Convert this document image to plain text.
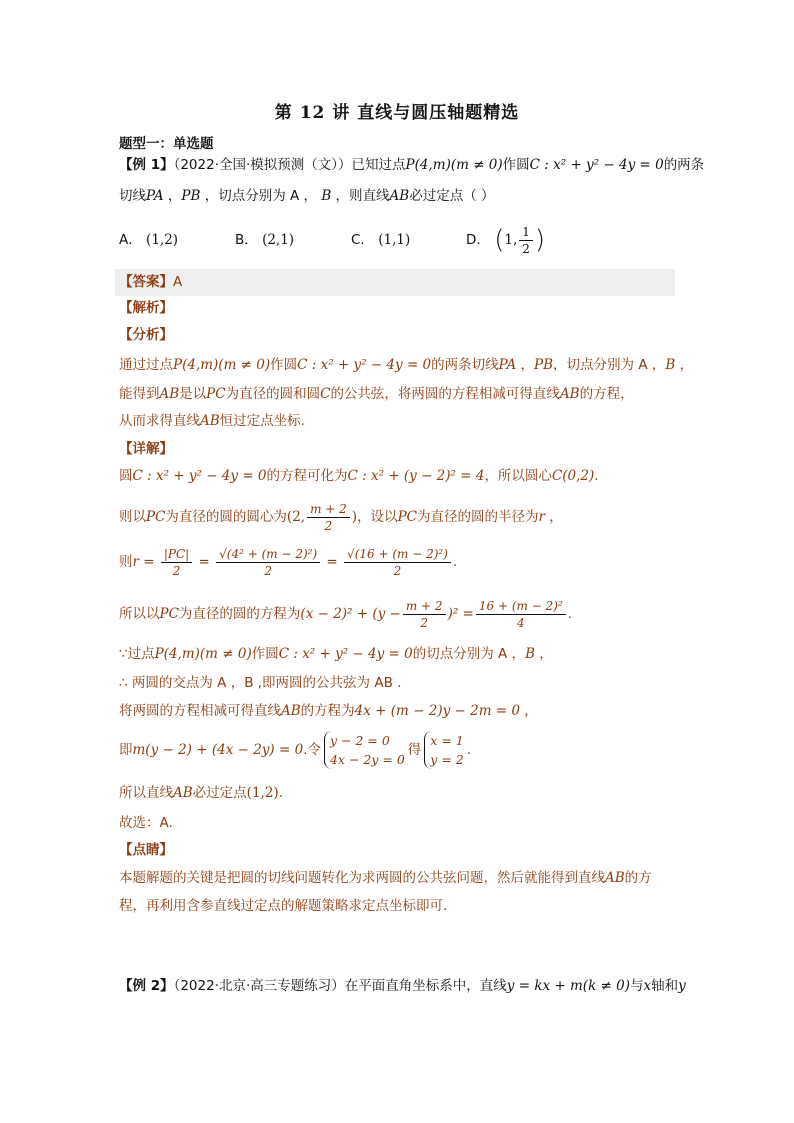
第 12 讲 直线与圆压轴题精选
题型一：单选题
【例 1】（2022·全国·模拟预测（文））已知过点P(4,m)(m ≠ 0)作圆C : x² + y² − 4y = 0的两条
切线PA ，PB ，切点分别为 A ， B ，则直线AB必过定点（ ）
A． (1,2)	B． (2,1)	C． (1,1)	D． (1, $\frac{1}{2}$ )
【答案】A
【解析】
【分析】
通过过点P(4,m)(m ≠ 0)作圆C : x² + y² − 4y = 0的两条切线PA ，PB，切点分别为 A ，B ，
能得到AB是以PC为直径的圆和圆C的公共弦，将两圆的方程相减可得直线AB的方程，
从而求得直线AB恒过定点坐标.
【详解】
圆C : x² + y² − 4y = 0的方程可化为C : x² + (y − 2)² = 4，所以圆心C(0,2).
则以PC为直径的圆的圆心为(2, $\frac{m + 2}{2}$ )，设以PC为直径的圆的半径为r ，
则$r = \frac{|PC|}{2} = \frac{\text{√(4² + (m − 2)²)}}{2} = \frac{\text{√(16 + (m − 2)²)}}{2}$ .
所以以PC为直径的圆的方程为$(x - 2)^2 + (y - \frac{m + 2}{2} )^2 = \frac{\text{16 + (m − 2)²}}{4}$ .
∵过点P(4,m)(m ≠ 0)作圆C : x² + y² − 4y = 0的切点分别为 A ，B ，
∴ 两圆的交点为 A ，B ,即两圆的公共弦为 AB .
将两圆的方程相减可得直线AB的方程为4x + (m − 2)y − 2m = 0 ，
即m(y − 2) + (4x − 2y) = 0.令
y − 2 = 0
4x − 2y = 0
得
x = 1
y = 2
.
所以直线AB必过定点(1,2).
故选：A.
【点睛】
本题解题的关键是把圆的切线问题转化为求两圆的公共弦问题，然后就能得到直线AB的方
程，再利用含参直线过定点的解题策略求定点坐标即可.
【例 2】（2022·北京·高三专题练习）在平面直角坐标系中，直线y = kx + m(k ≠ 0)与x轴和y
